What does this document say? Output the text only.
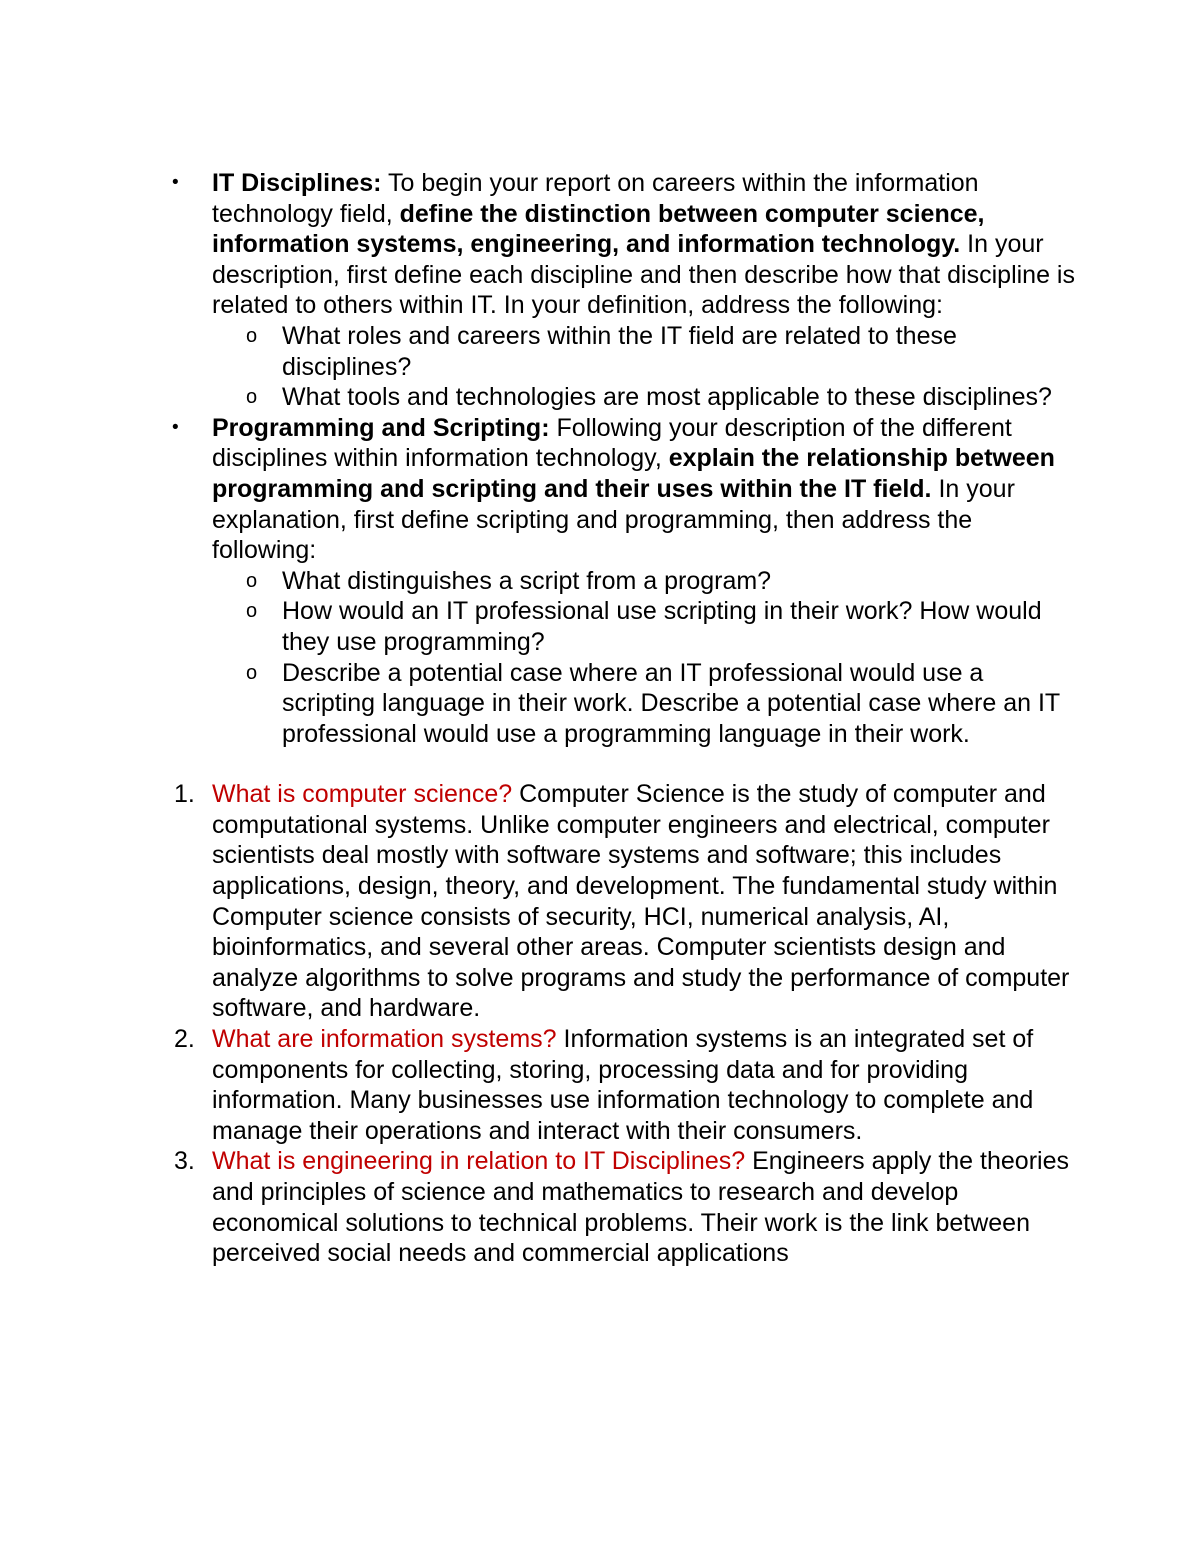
•	IT Disciplines: To begin your report on careers within the information technology field, define the distinction between computer science, information systems, engineering, and information technology. In your description, first define each discipline and then describe how that discipline is related to others within IT. In your definition, address the following:
o What roles and careers within the IT field are related to these disciplines?
o What tools and technologies are most applicable to these disciplines?
•	Programming and Scripting: Following your description of the different disciplines within information technology, explain the relationship between programming and scripting and their uses within the IT field. In your explanation, first define scripting and programming, then address the following:
o What distinguishes a script from a program?
o How would an IT professional use scripting in their work? How would they use programming?
o Describe a potential case where an IT professional would use a scripting language in their work. Describe a potential case where an IT professional would use a programming language in their work.
1. What is computer science? Computer Science is the study of computer and computational systems. Unlike computer engineers and electrical, computer scientists deal mostly with software systems and software; this includes applications, design, theory, and development. The fundamental study within Computer science consists of security, HCI, numerical analysis, AI, bioinformatics, and several other areas. Computer scientists design and analyze algorithms to solve programs and study the performance of computer software, and hardware.
2. What are information systems? Information systems is an integrated set of components for collecting, storing, processing data and for providing information. Many businesses use information technology to complete and manage their operations and interact with their consumers.
3. What is engineering in relation to IT Disciplines? Engineers apply the theories and principles of science and mathematics to research and develop economical solutions to technical problems. Their work is the link between perceived social needs and commercial applications
